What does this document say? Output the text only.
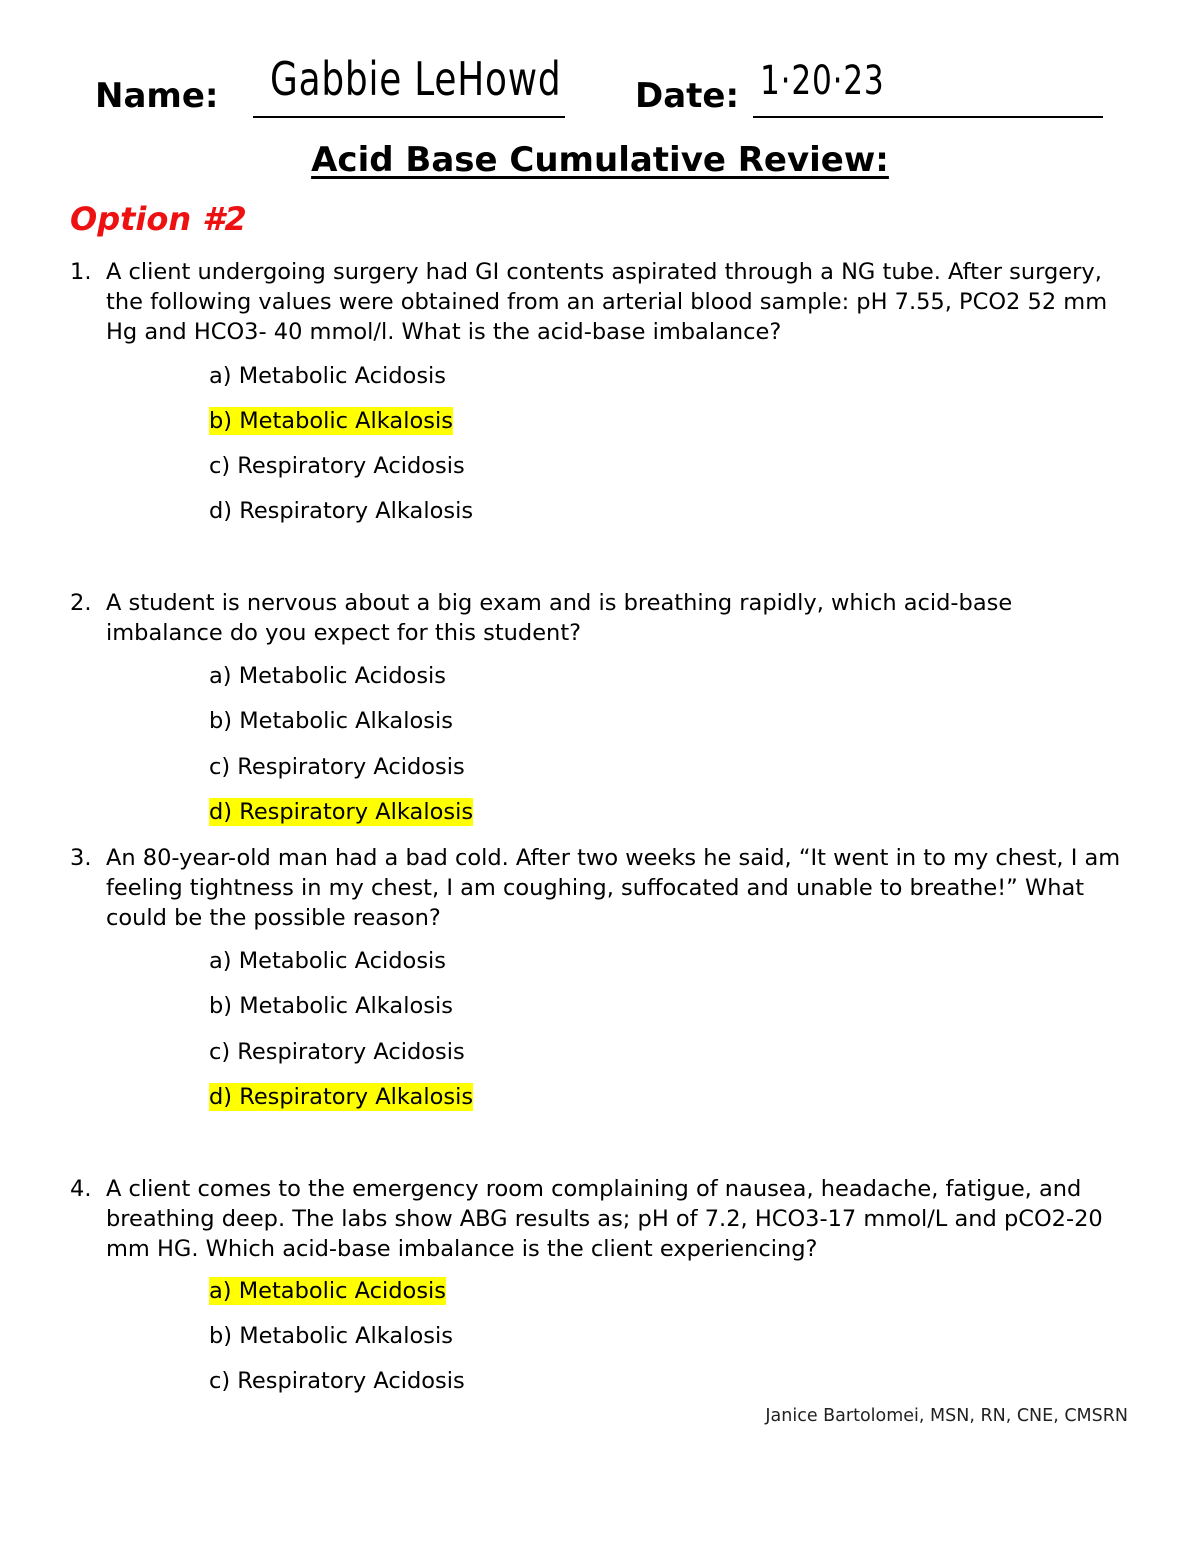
Name: Gabbie LeHowd Date: 1·20·23
Acid Base Cumulative Review:
Option #2
1. A client undergoing surgery had GI contents aspirated through a NG tube. After surgery, the following values were obtained from an arterial blood sample: pH 7.55, PCO2 52 mm Hg and HCO3- 40 mmol/l. What is the acid-base imbalance?
a) Metabolic Acidosis
b) Metabolic Alkalosis
c) Respiratory Acidosis
d) Respiratory Alkalosis
2. A student is nervous about a big exam and is breathing rapidly, which acid-base imbalance do you expect for this student?
a) Metabolic Acidosis
b) Metabolic Alkalosis
c) Respiratory Acidosis
d) Respiratory Alkalosis
3. An 80-year-old man had a bad cold. After two weeks he said, “It went in to my chest, I am feeling tightness in my chest, I am coughing, suffocated and unable to breathe!” What could be the possible reason?
a) Metabolic Acidosis
b) Metabolic Alkalosis
c) Respiratory Acidosis
d) Respiratory Alkalosis
4. A client comes to the emergency room complaining of nausea, headache, fatigue, and breathing deep. The labs show ABG results as; pH of 7.2, HCO3-17 mmol/L and pCO2-20 mm HG. Which acid-base imbalance is the client experiencing?
a) Metabolic Acidosis
b) Metabolic Alkalosis
c) Respiratory Acidosis
Janice Bartolomei, MSN, RN, CNE, CMSRN
